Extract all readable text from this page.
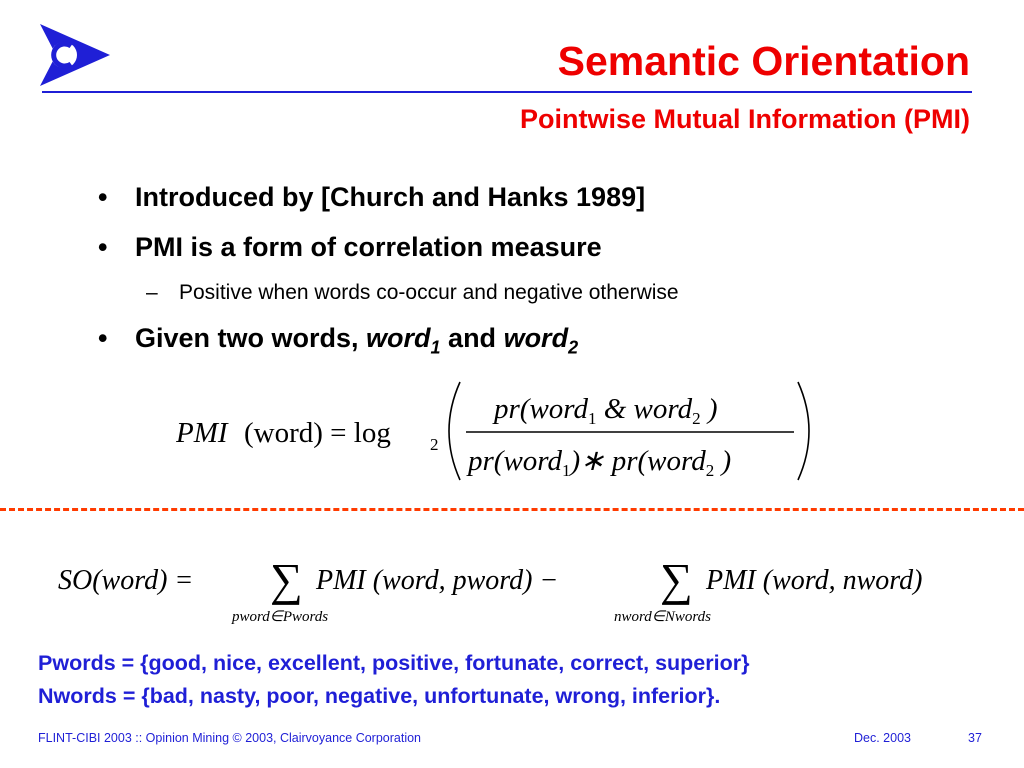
Semantic Orientation
Pointwise Mutual Information (PMI)
• Introduced by [Church and Hanks 1989]
• PMI is a form of correlation measure
– Positive when words co-occur and negative otherwise
• Given two words, word$_1$ and word$_2$
PMI (word) = log 2
pr(word$_1$ & word$_2$ )
pr(word$_1$)∗ pr(word$_2$ )
SO(word) = ∑ PMI (word, pword) −
pword∈Pwords
∑ PMI (word, nword)
nword∈Nwords
Pwords = {good, nice, excellent, positive, fortunate, correct, superior}
Nwords = {bad, nasty, poor, negative, unfortunate, wrong, inferior}.
FLINT-CIBI 2003 :: Opinion Mining © 2003, Clairvoyance Corporation	Dec. 2003	37
